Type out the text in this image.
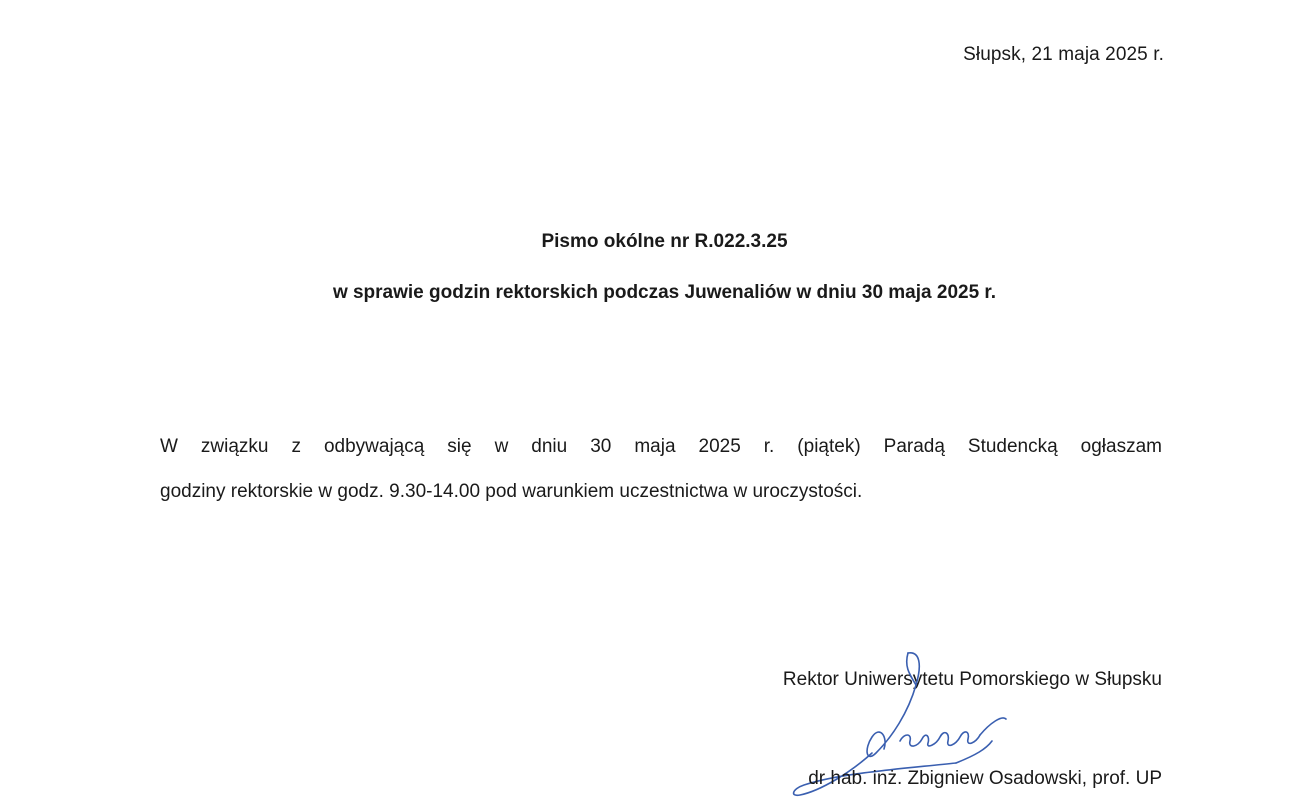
Słupsk, 21 maja 2025 r.
Pismo okólne nr R.022.3.25
w sprawie godzin rektorskich podczas Juwenaliów w dniu 30 maja 2025 r.
W związku z odbywającą się w dniu 30 maja 2025 r. (piątek) Paradą Studencką ogłaszam
godziny rektorskie w godz. 9.30-14.00 pod warunkiem uczestnictwa w uroczystości.
Rektor Uniwersytetu Pomorskiego w Słupsku
dr hab. inż. Zbigniew Osadowski, prof. UP
